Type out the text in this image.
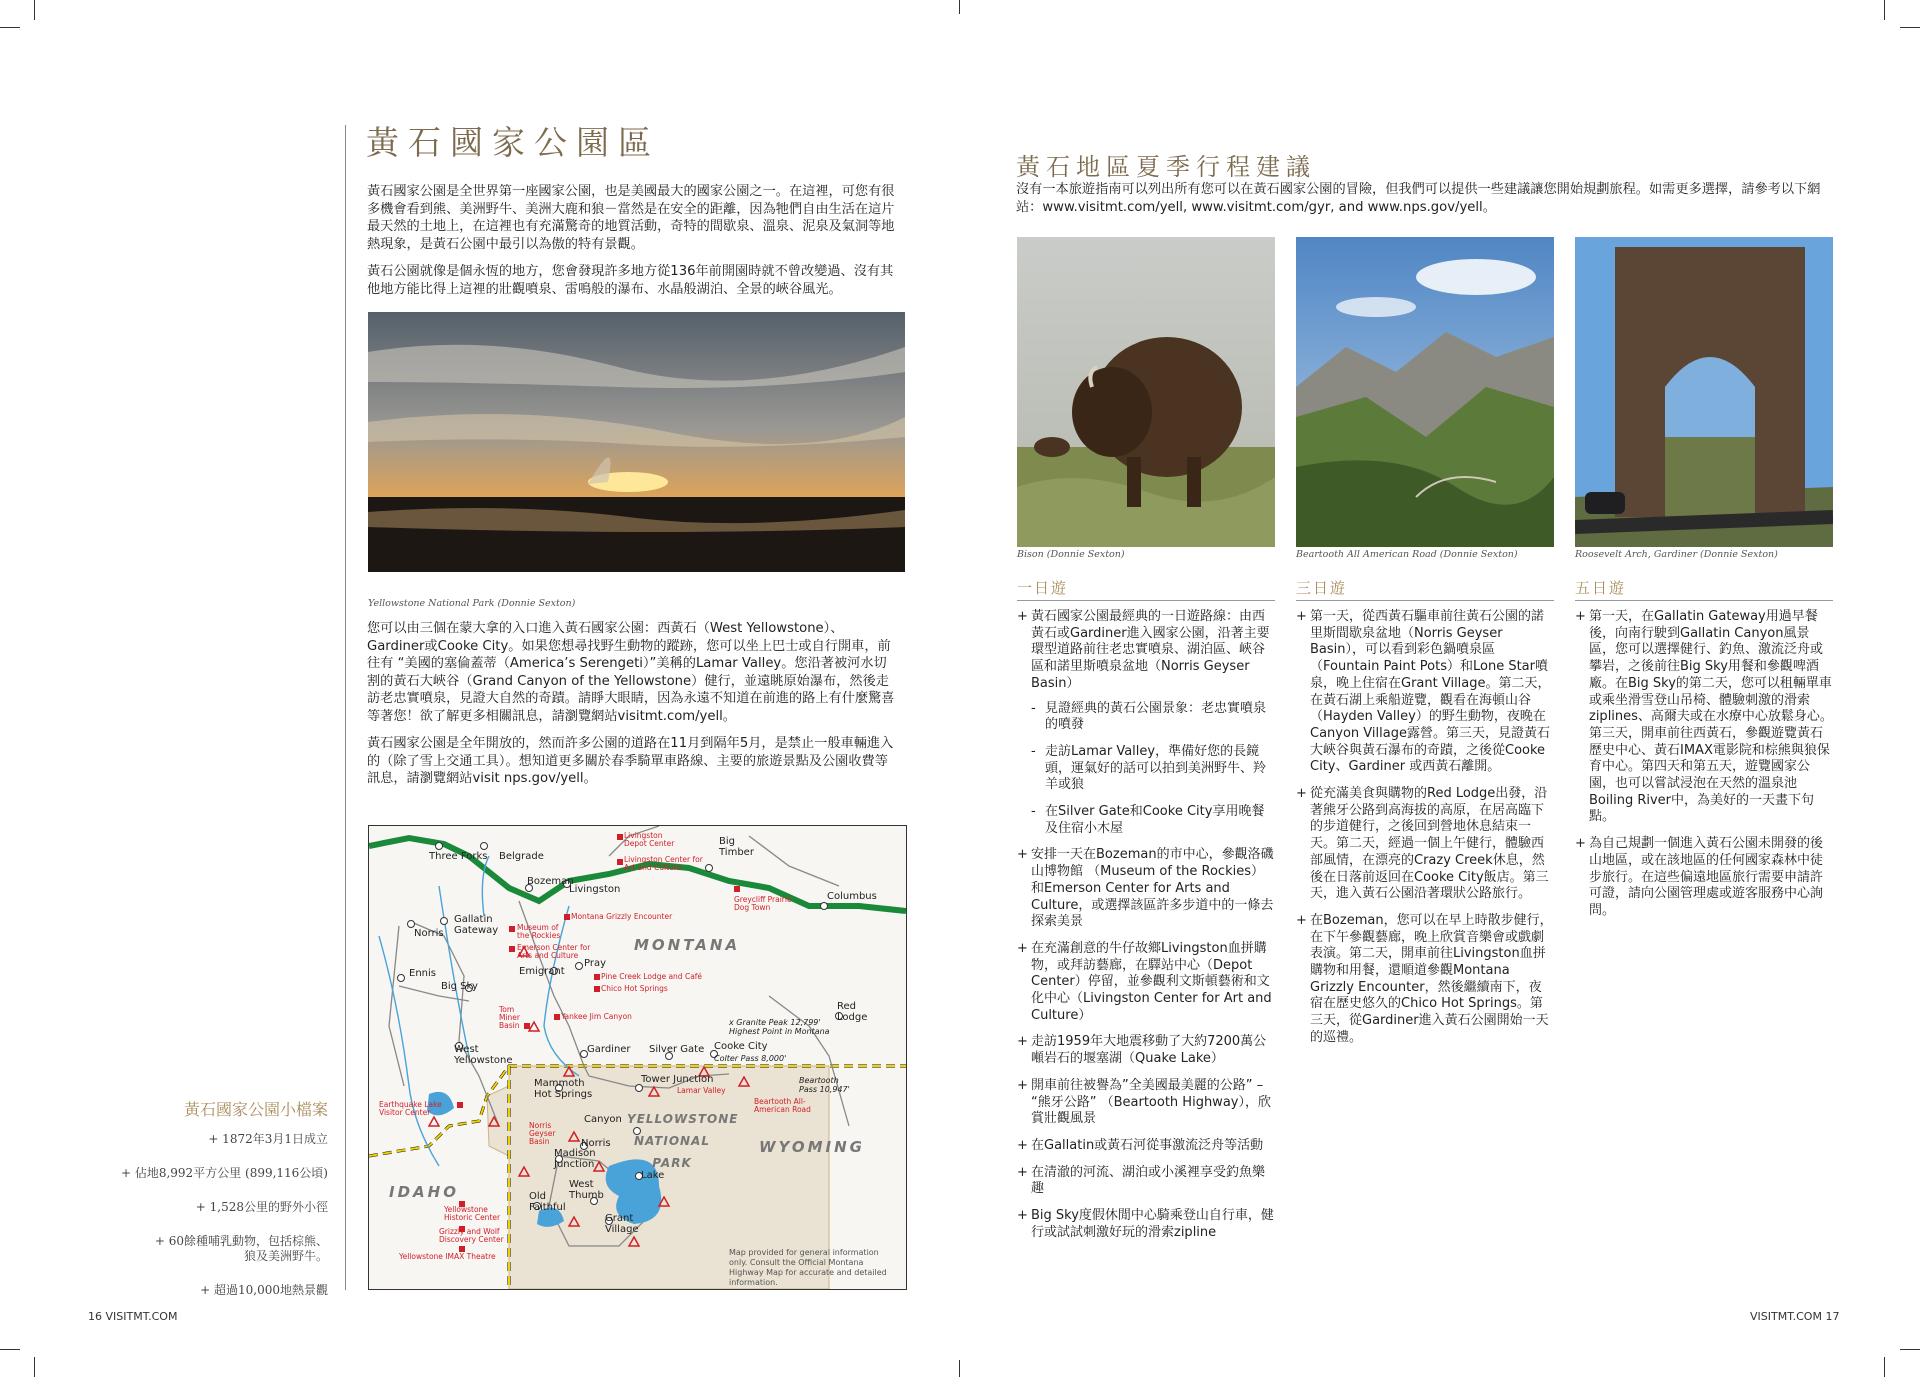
黃石國家公園區

黃石國家公園是全世界第一座國家公園，也是美國最大的國家公園之一。在這裡，可您有很多機會看到熊、美洲野牛、美洲大鹿和狼－當然是在安全的距離，因為牠們自由生活在這片最天然的土地上，在這裡也有充滿驚奇的地質活動，奇特的間歇泉、溫泉、泥泉及氣洞等地熱現象，是黃石公園中最引以為傲的特有景觀。

黃石公園就像是個永恆的地方，您會發現許多地方從136年前開園時就不曾改變過、沒有其他地方能比得上這裡的壯觀噴泉、雷鳴般的瀑布、水晶般湖泊、全景的峽谷風光。

Yellowstone National Park (Donnie Sexton)

您可以由三個在蒙大拿的入口進入黃石國家公園：西黃石（West Yellowstone）、Gardiner或Cooke City。如果您想尋找野生動物的蹤跡，您可以坐上巴士或自行開車，前往有 “美國的塞倫蓋蒂（America’s Serengeti）”美稱的Lamar Valley。您沿著被河水切割的黃石大峽谷（Grand Canyon of the Yellowstone）健行，並遠眺原始瀑布，然後走訪老忠實噴泉，見證大自然的奇蹟。請睜大眼睛，因為永遠不知道在前進的路上有什麼驚喜等著您！欲了解更多相關訊息，請瀏覽網站visitmt.com/yell。

黃石國家公園是全年開放的，然而許多公園的道路在11月到隔年5月，是禁止一般車輛進入的（除了雪上交通工具）。想知道更多關於春季騎單車路線、主要的旅遊景點及公園收費等訊息，請瀏覽網站visit nps.gov/yell。

Three Forks Belgrade
Bozeman
Livingston
Big Timber
Columbus
Gallatin Gateway
Norris
Ennis
Big Sky
Emigrant
Pray
Red Lodge
West Yellowstone
Gardiner Silver Gate Cooke City
Mammoth Hot Springs
Tower Junction
Canyon
Norris
Madison Junction
Lake
West Thumb
Old Faithful
Grant Village
Livingston Depot Center
Livingston Center for Art and Culture
Greycliff Prairie Dog Town
Montana Grizzly Encounter
Museum of the Rockies
Emerson Center for Arts and Culture
Pine Creek Lodge and Café
Chico Hot Springs
Tom Miner Basin
Yankee Jim Canyon
Earthquake Lake Visitor Center
Lamar Valley
Beartooth All-American Road
Norris Geyser Basin
Yellowstone Historic Center
Grizzly and Wolf Discovery Center
Yellowstone IMAX Theatre
MONTANA
WYOMING
IDAHO
YELLOWSTONE NATIONAL PARK
x Granite Peak 12,799' Highest Point in Montana
Colter Pass 8,000'
Beartooth Pass 10,947'
Map provided for general information only. Consult the Official Montana Highway Map for accurate and detailed information.
黃石國家公園小檔案
+ 1872年3月1日成立
+ 佔地8,992平方公里 (899,116公頃)
+ 1,528公里的野外小徑
+ 60餘種哺乳動物，包括棕熊、
狼及美洲野牛。
+ 超過10,000地熱景觀
16 VISITMT.COM
黃石地區夏季行程建議

沒有一本旅遊指南可以列出所有您可以在黃石國家公園的冒險，但我們可以提供一些建議讓您開始規劃旅程。如需更多選擇，請參考以下網站：www.visitmt.com/yell, www.visitmt.com/gyr, and www.nps.gov/yell。

Bison (Donnie Sexton)	Beartooth All American Road (Donnie Sexton)	Roosevelt Arch, Gardiner (Donnie Sexton)
一日遊
+ 黃石國家公園最經典的一日遊路線：由西黃石或Gardiner進入國家公園，沿著主要環型道路前往老忠實噴泉、湖泊區、峽谷區和諾里斯噴泉盆地（Norris Geyser Basin）
- 見證經典的黃石公園景象：老忠實噴泉的噴發
- 走訪Lamar Valley，準備好您的長鏡頭，運氣好的話可以拍到美洲野牛、羚羊或狼
- 在Silver Gate和Cooke City享用晚餐及住宿小木屋
+ 安排一天在Bozeman的市中心，參觀洛磯山博物館 （Museum of the Rockies）和Emerson Center for Arts and Culture，或選擇該區許多步道中的一條去探索美景
+ 在充滿創意的牛仔故鄉Livingston血拼購物，或拜訪藝廊，在驛站中心（Depot Center）停留，並參觀利文斯頓藝術和文化中心（Livingston Center for Art and Culture）
+ 走訪1959年大地震移動了大約7200萬公噸岩石的堰塞湖（Quake Lake）
+ 開車前往被譽為”全美國最美麗的公路” – “熊牙公路” （Beartooth Highway），欣賞壯觀風景
+ 在Gallatin或黃石河從事激流泛舟等活動
+ 在清澈的河流、湖泊或小溪裡享受釣魚樂趣
+ Big Sky度假休閒中心騎乘登山自行車，健行或試試刺激好玩的滑索zipline
三日遊
+ 第一天，從西黃石驅車前往黃石公園的諾里斯間歇泉盆地（Norris Geyser Basin），可以看到彩色鍋噴泉區（Fountain Paint Pots）和Lone Star噴泉，晚上住宿在Grant Village。第二天，在黃石湖上乘船遊覽，觀看在海頓山谷（Hayden Valley）的野生動物，夜晚在Canyon Village露營。第三天，見證黃石大峽谷與黃石瀑布的奇蹟，之後從Cooke City、Gardiner 或西黃石離開。
+ 從充滿美食與購物的Red Lodge出發，沿著熊牙公路到高海拔的高原，在居高臨下的步道健行，之後回到營地休息結束一天。第二天，經過一個上午健行，體驗西部風情，在漂亮的Crazy Creek休息，然後在日落前返回在Cooke City飯店。第三天，進入黃石公園沿著環狀公路旅行。
+ 在Bozeman，您可以在早上時散步健行，在下午參觀藝廊，晚上欣賞音樂會或戲劇表演。第二天，開車前往Livingston血拼購物和用餐，還順道參觀Montana Grizzly Encounter，然後繼續南下，夜宿在歷史悠久的Chico Hot Springs。第三天，從Gardiner進入黃石公園開始一天的巡禮。
五日遊
+ 第一天，在Gallatin Gateway用過早餐後，向南行駛到Gallatin Canyon風景區，您可以選擇健行、釣魚、激流泛舟或攀岩，之後前往Big Sky用餐和參觀啤酒廠。在Big Sky的第二天，您可以租輛單車或乘坐滑雪登山吊椅、體驗刺激的滑索ziplines、高爾夫或在水療中心放鬆身心。 第三天，開車前往西黃石，參觀遊覽黃石歷史中心、黃石IMAX電影院和棕熊與狼保育中心。第四天和第五天，遊覽國家公園，也可以嘗試浸泡在天然的溫泉池Boiling River中，為美好的一天畫下句點。
+ 為自己規劃一個進入黃石公園未開發的後山地區，或在該地區的任何國家森林中徒步旅行。在這些偏遠地區旅行需要申請許可證，請向公園管理處或遊客服務中心詢問。
VISITMT.COM 17
